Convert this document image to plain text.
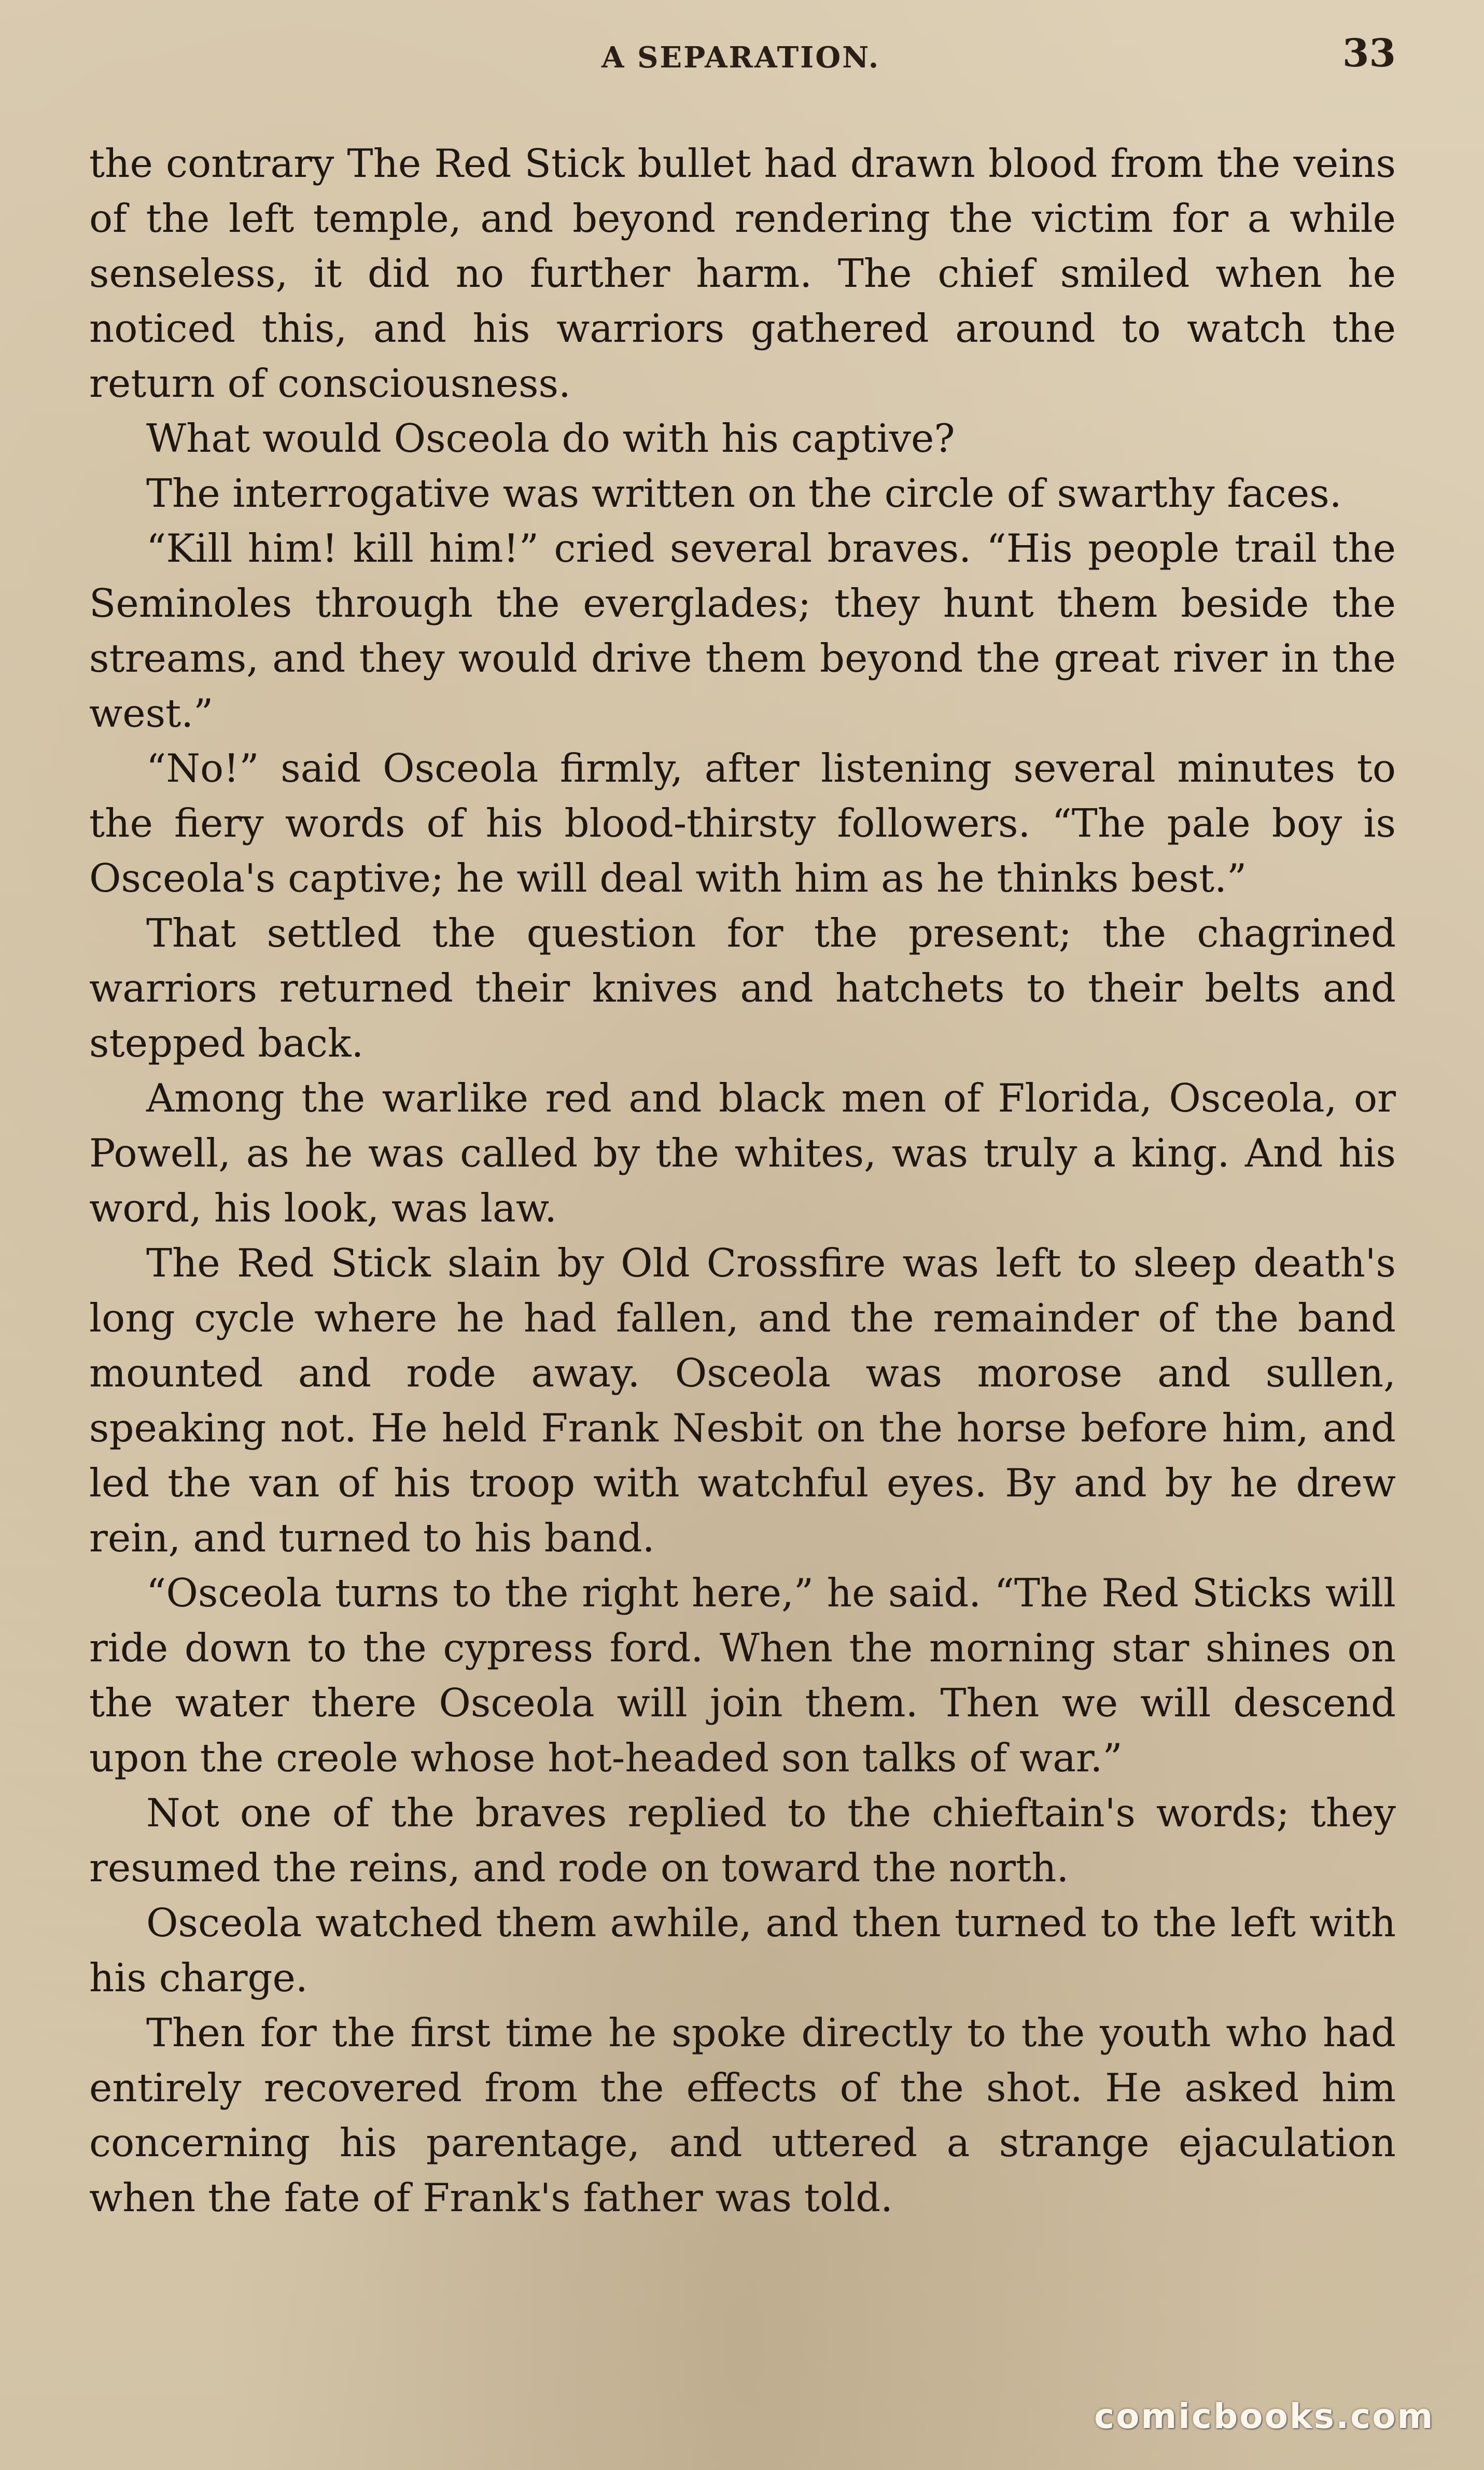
A SEPARATION.	33

the contrary The Red Stick bullet had drawn blood from the veins of the left temple, and beyond rendering the victim for a while senseless, it did no further harm. The chief smiled when he noticed this, and his warriors gathered around to watch the return of consciousness.

What would Osceola do with his captive?

The interrogative was written on the circle of swarthy faces.

“Kill him! kill him!” cried several braves. “His people trail the Seminoles through the everglades; they hunt them beside the streams, and they would drive them beyond the great river in the west.”

“No!” said Osceola firmly, after listening several minutes to the fiery words of his blood-thirsty followers. “The pale boy is Osceola's captive; he will deal with him as he thinks best.”

That settled the question for the present; the chagrined warriors returned their knives and hatchets to their belts and stepped back.

Among the warlike red and black men of Florida, Osceola, or Powell, as he was called by the whites, was truly a king. And his word, his look, was law.

The Red Stick slain by Old Crossfire was left to sleep death's long cycle where he had fallen, and the remainder of the band mounted and rode away. Osceola was morose and sullen, speaking not. He held Frank Nesbit on the horse before him, and led the van of his troop with watchful eyes. By and by he drew rein, and turned to his band.

“Osceola turns to the right here,” he said. “The Red Sticks will ride down to the cypress ford. When the morning star shines on the water there Osceola will join them. Then we will descend upon the creole whose hot-headed son talks of war.”

Not one of the braves replied to the chieftain's words; they resumed the reins, and rode on toward the north.

Osceola watched them awhile, and then turned to the left with his charge.

Then for the first time he spoke directly to the youth who had entirely recovered from the effects of the shot. He asked him concerning his parentage, and uttered a strange ejaculation when the fate of Frank's father was told.

comicbooks.com
